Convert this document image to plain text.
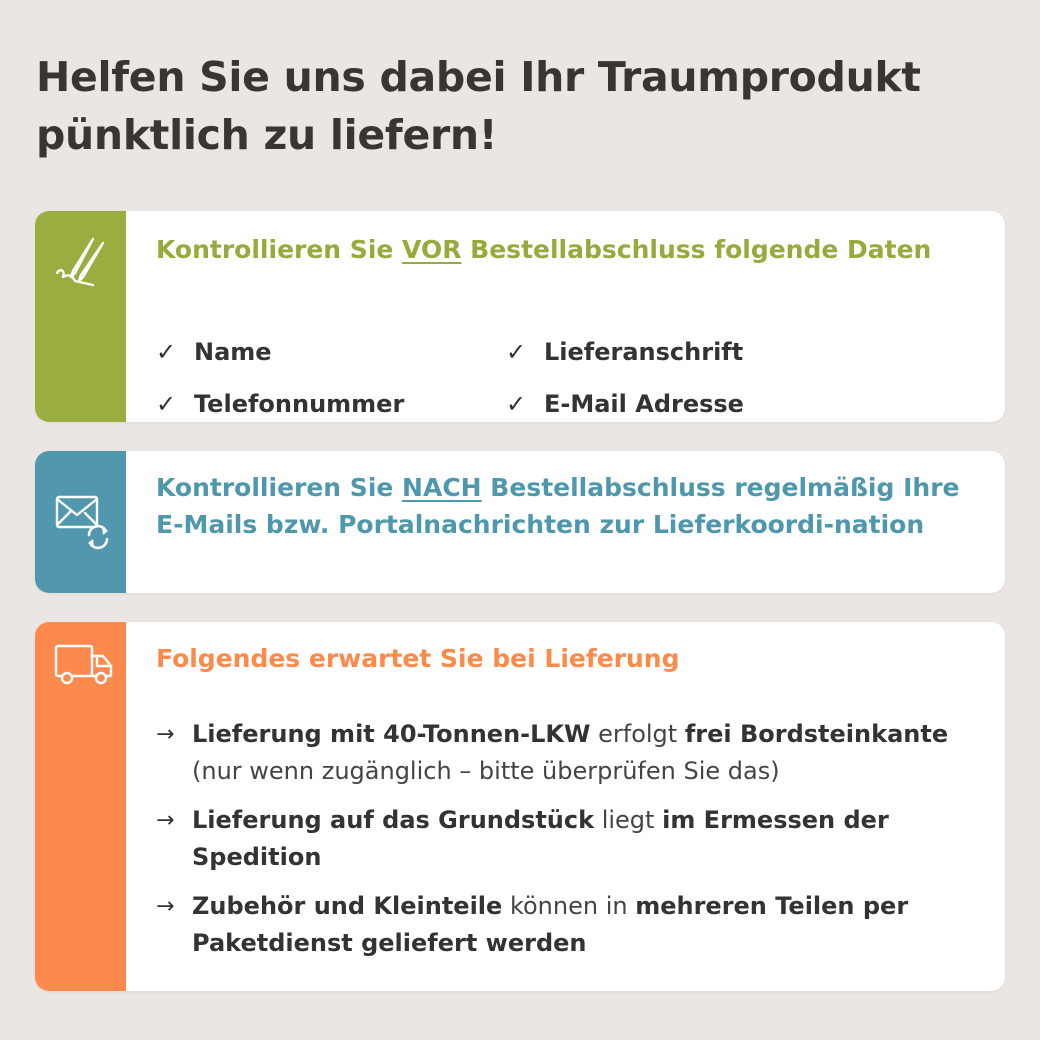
Helfen Sie uns dabei Ihr Traumprodukt pünktlich zu liefern!
Kontrollieren Sie VOR Bestellabschluss folgende Daten
✓ Name	✓ Lieferanschrift
✓ Telefonnummer	✓ E-Mail Adresse
Kontrollieren Sie NACH Bestellabschluss regelmäßig Ihre E-Mails bzw. Portalnachrichten zur Lieferkoordi-nation
Folgendes erwartet Sie bei Lieferung
→ Lieferung mit 40-Tonnen-LKW erfolgt frei Bordsteinkante (nur wenn zugänglich – bitte überprüfen Sie das)
→ Lieferung auf das Grundstück liegt im Ermessen der Spedition
→ Zubehör und Kleinteile können in mehreren Teilen per Paketdienst geliefert werden
